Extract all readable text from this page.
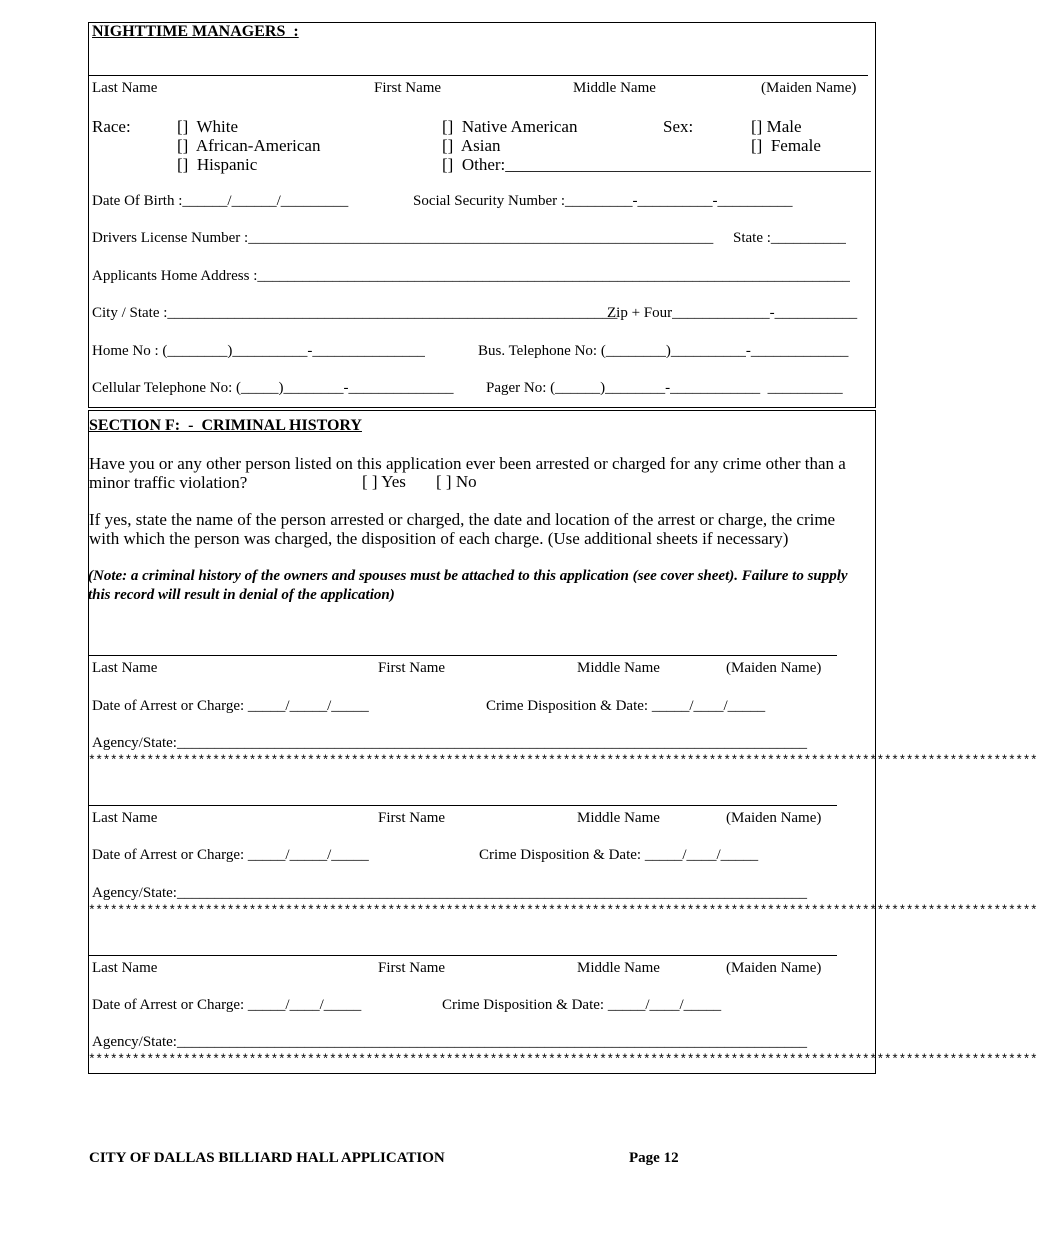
NIGHTTIME MANAGERS  :
Last Name	First Name	Middle Name	(Maiden Name)
Race:	[]  White
[]  African-American
[]  Hispanic
[]  Native American
[]  Asian
[]  Other:___________________________________________
Sex:	[] Male
[]  Female
Date Of Birth :______/______/_________	Social Security Number :_________-__________-__________
Drivers License Number :______________________________________________________________ State :__________
Applicants Home Address :_______________________________________________________________________________
City / State :____________________________________________________________
Zip + Four_____________-___________
Home No : (________)__________-_______________	Bus. Telephone No: (________)__________-_____________
Cellular Telephone No: (_____)________-______________ Pager No: (______)________-____________  __________
SECTION F:  -  CRIMINAL HISTORY
Have you or any other person listed on this application ever been arrested or charged for any crime other than a minor traffic violation?	[ ] Yes [ ] No
If yes, state the name of the person arrested or charged, the date and location of the arrest or charge, the crime with which the person was charged, the disposition of each charge. (Use additional sheets if necessary)
(Note: a criminal history of the owners and spouses must be attached to this application (see cover sheet). Failure to supply this record will result in denial of the application)
Last Name	First Name	Middle Name	(Maiden Name)
Date of Arrest or Charge: _____/_____/_____	Crime Disposition & Date: _____/____/_____
Agency/State:____________________________________________________________________________________
**********************************************************************************************************************************
Last Name	First Name	Middle Name	(Maiden Name)
Date of Arrest or Charge: _____/_____/_____	Crime Disposition & Date: _____/____/_____
Agency/State:____________________________________________________________________________________
**********************************************************************************************************************************
Last Name	First Name	Middle Name	(Maiden Name)
Date of Arrest or Charge: _____/____/_____	Crime Disposition & Date: _____/____/_____
Agency/State:____________________________________________________________________________________
**********************************************************************************************************************************
CITY OF DALLAS BILLIARD HALL APPLICATION	Page 12
